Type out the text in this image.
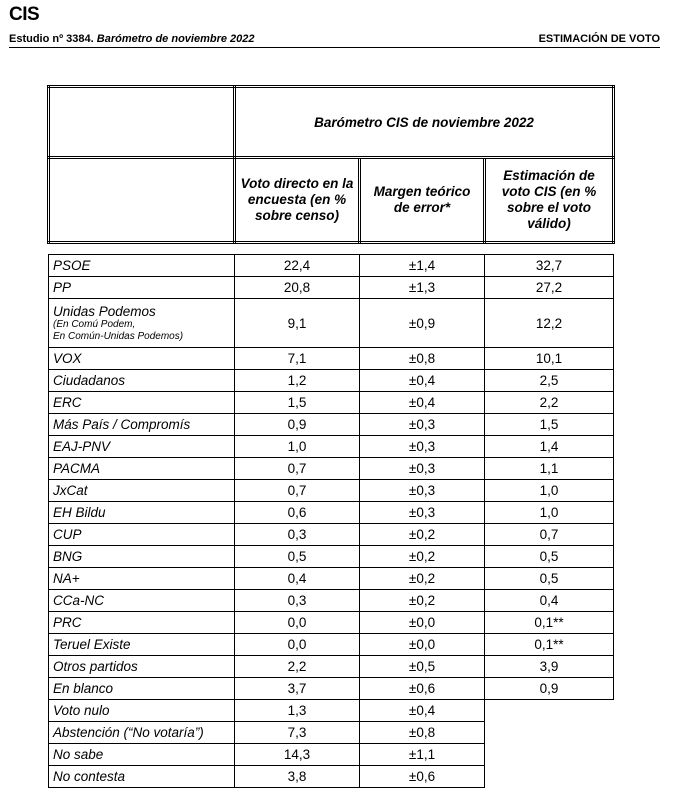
CIS
Estudio nº 3384. Barómetro de noviembre 2022	ESTIMACIÓN DE VOTO
	Barómetro CIS de noviembre 2022		
	Voto directo en la encuesta (en % sobre censo)	Margen teórico de error*	Estimación de voto CIS (en % sobre el voto válido)

PSOE	22,4	±1,4	32,7
PP	20,8	±1,3	27,2
Unidas Podemos
(En Comú Podem,
En Común-Unidas Podemos)	9,1	±0,9	12,2
VOX	7,1	±0,8	10,1
Ciudadanos	1,2	±0,4	2,5
ERC	1,5	±0,4	2,2
Más País / Compromís	0,9	±0,3	1,5
EAJ-PNV	1,0	±0,3	1,4
PACMA	0,7	±0,3	1,1
JxCat	0,7	±0,3	1,0
EH Bildu	0,6	±0,3	1,0
CUP	0,3	±0,2	0,7
BNG	0,5	±0,2	0,5
NA+	0,4	±0,2	0,5
CCa-NC	0,3	±0,2	0,4
PRC	0,0	±0,0	0,1**
Teruel Existe	0,0	±0,0	0,1**
Otros partidos	2,2	±0,5	3,9
En blanco	3,7	±0,6	0,9
Voto nulo	1,3	±0,4	
Abstención (“No votaría”)	7,3	±0,8	
No sabe	14,3	±1,1	
No contesta	3,8	±0,6	
